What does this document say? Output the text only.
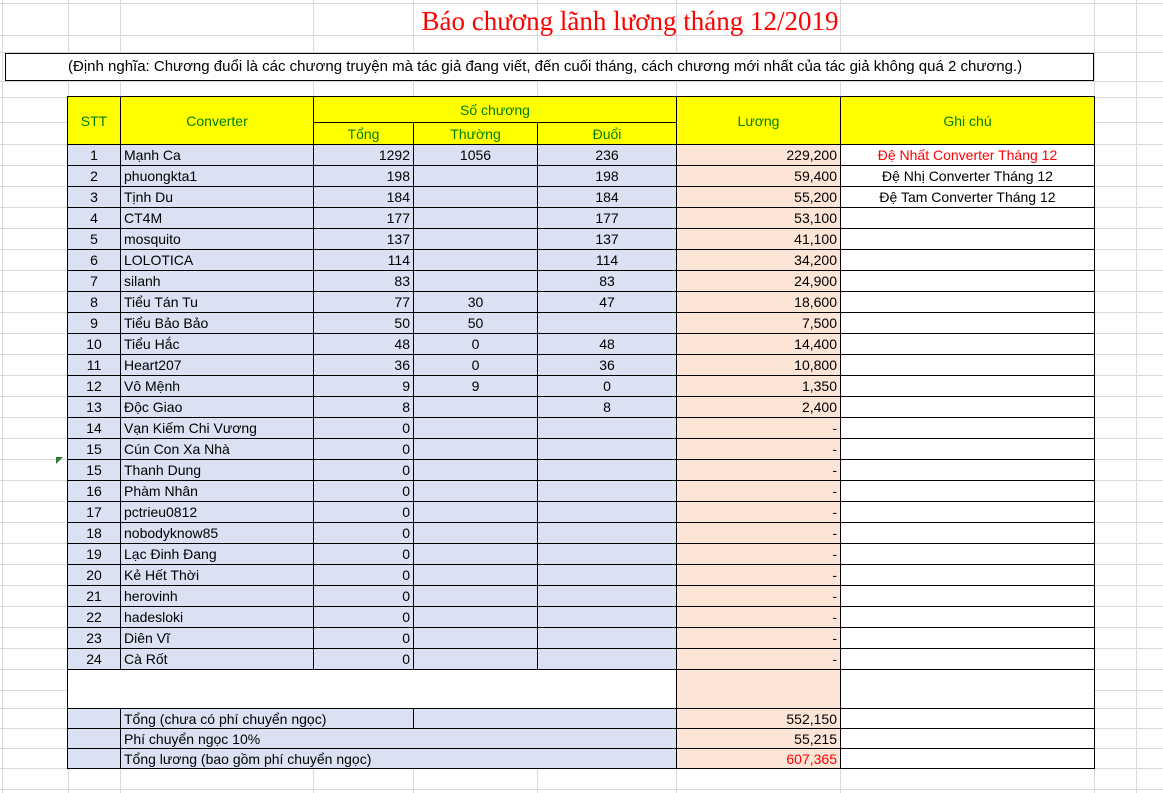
Báo chương lãnh lương tháng 12/2019
(Định nghĩa: Chương đuổi là các chương truyện mà tác giả đang viết, đến cuối tháng, cách chương mới nhất của tác giả không quá 2 chương.)
STT	Converter	Số chương			Lương	Ghi chú
		Tổng	Thường	Đuổi		
1	Mạnh Ca	1292	1056	236	229,200	Đệ Nhất Converter Tháng 12
2	phuongkta1	198		198	59,400	Đệ Nhị Converter Tháng 12
3	Tịnh Du	184		184	55,200	Đệ Tam Converter Tháng 12
4	CT4M	177		177	53,100	
5	mosquito	137		137	41,100	
6	LOLOTICA	114		114	34,200	
7	silanh	83		83	24,900	
8	Tiểu Tán Tu	77	30	47	18,600	
9	Tiểu Bảo Bảo	50	50		7,500	
10	Tiểu Hắc	48	0	48	14,400	
11	Heart207	36	0	36	10,800	
12	Vô Mệnh	9	9	0	1,350	
13	Độc Giao	8		8	2,400	
14	Vạn Kiếm Chi Vương	0			-	
15	Cún Con Xa Nhà	0			-	
15	Thanh Dung	0			-	
16	Phàm Nhân	0			-	
17	pctrieu0812	0			-	
18	nobodyknow85	0			-	
19	Lạc Đinh Đang	0			-	
20	Kẻ Hết Thời	0			-	
21	herovinh	0			-	
22	hadesloki	0			-	
23	Diên Vĩ	0			-	
24	Cà Rốt	0			-	

	Tổng (chưa có phí chuyển ngọc)				552,150	
	Phí chuyển ngọc 10%				55,215	
	Tổng lương (bao gồm phí chuyển ngọc)				607,365	
